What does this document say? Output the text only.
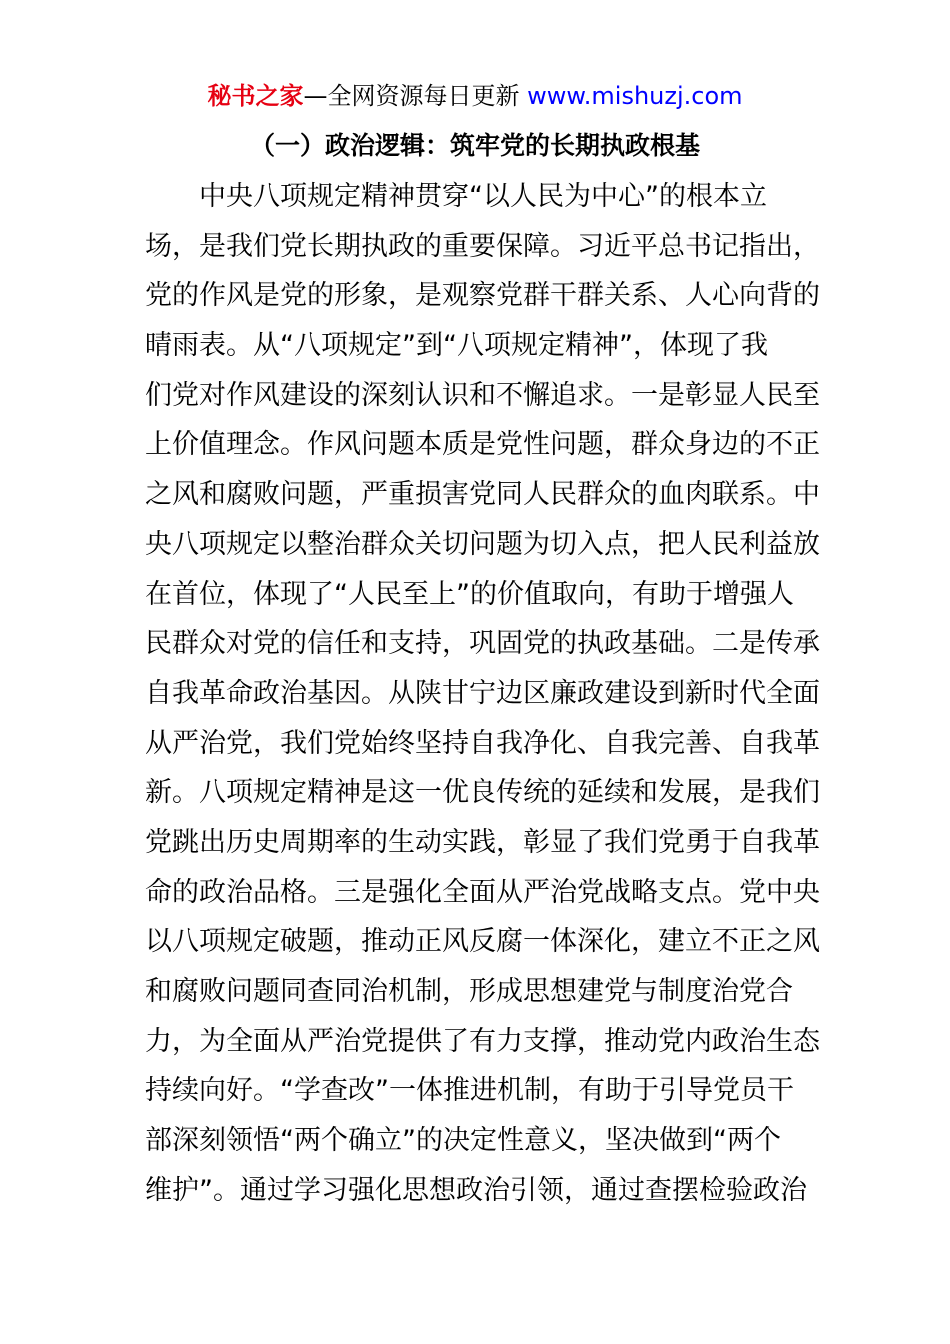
秘书之家—全网资源每日更新 www.mishuzj.com
（一）政治逻辑：筑牢党的长期执政根基
　　中央八项规定精神贯穿“以人民为中心”的根本立
场，是我们党长期执政的重要保障。习近平总书记指出，
党的作风是党的形象，是观察党群干群关系、人心向背的
晴雨表。从“八项规定”到“八项规定精神”，体现了我
们党对作风建设的深刻认识和不懈追求。一是彰显人民至
上价值理念。作风问题本质是党性问题，群众身边的不正
之风和腐败问题，严重损害党同人民群众的血肉联系。中
央八项规定以整治群众关切问题为切入点，把人民利益放
在首位，体现了“人民至上”的价值取向，有助于增强人
民群众对党的信任和支持，巩固党的执政基础。二是传承
自我革命政治基因。从陕甘宁边区廉政建设到新时代全面
从严治党，我们党始终坚持自我净化、自我完善、自我革
新。八项规定精神是这一优良传统的延续和发展，是我们
党跳出历史周期率的生动实践，彰显了我们党勇于自我革
命的政治品格。三是强化全面从严治党战略支点。党中央
以八项规定破题，推动正风反腐一体深化，建立不正之风
和腐败问题同查同治机制，形成思想建党与制度治党合
力，为全面从严治党提供了有力支撑，推动党内政治生态
持续向好。“学查改”一体推进机制，有助于引导党员干
部深刻领悟“两个确立”的决定性意义，坚决做到“两个
维护”。通过学习强化思想政治引领，通过查摆检验政治
